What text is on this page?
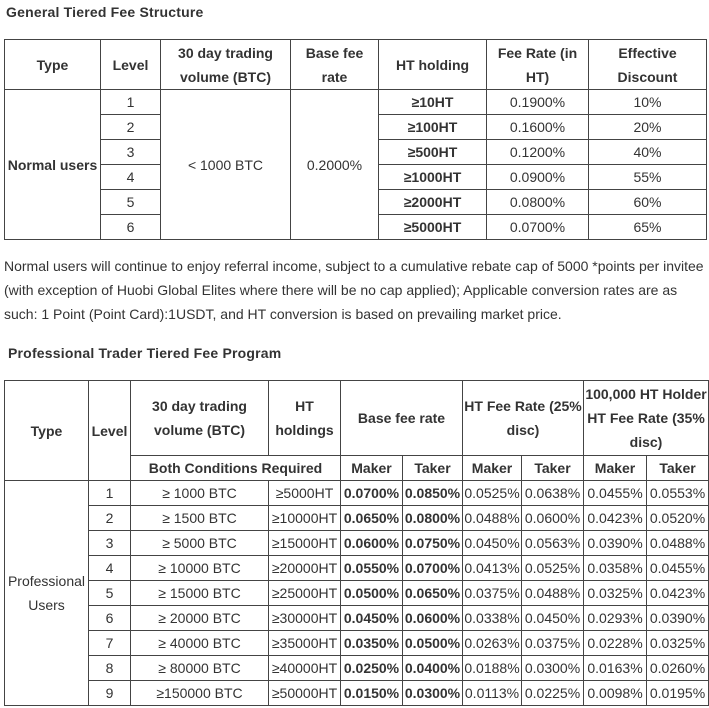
General Tiered Fee Structure
Type	Level	30 day trading volume (BTC)	Base fee rate	HT holding	Fee Rate (in HT)	Effective Discount
Normal users	1	< 1000 BTC	0.2000%	≥10HT	0.1900%	10%
	2			≥100HT	0.1600%	20%
	3			≥500HT	0.1200%	40%
	4			≥1000HT	0.0900%	55%
	5			≥2000HT	0.0800%	60%
	6			≥5000HT	0.0700%	65%
Normal users will continue to enjoy referral income, subject to a cumulative rebate cap of 5000 *points per invitee (with exception of Huobi Global Elites where there will be no cap applied); Applicable conversion rates are as such: 1 Point (Point Card):1USDT, and HT conversion is based on prevailing market price.
Professional Trader Tiered Fee Program
Type	Level	30 day trading volume (BTC)	HT holdings	Base fee rate		HT Fee Rate (25% disc)		100,000 HT Holder HT Fee Rate (35% disc)	
		Both Conditions Required		Maker	Taker	Maker	Taker	Maker	Taker
Professional Users	1	≥ 1000 BTC	≥5000HT	0.0700%	0.0850%	0.0525%	0.0638%	0.0455%	0.0553%
	2	≥ 1500 BTC	≥10000HT	0.0650%	0.0800%	0.0488%	0.0600%	0.0423%	0.0520%
	3	≥ 5000 BTC	≥15000HT	0.0600%	0.0750%	0.0450%	0.0563%	0.0390%	0.0488%
	4	≥ 10000 BTC	≥20000HT	0.0550%	0.0700%	0.0413%	0.0525%	0.0358%	0.0455%
	5	≥ 15000 BTC	≥25000HT	0.0500%	0.0650%	0.0375%	0.0488%	0.0325%	0.0423%
	6	≥ 20000 BTC	≥30000HT	0.0450%	0.0600%	0.0338%	0.0450%	0.0293%	0.0390%
	7	≥ 40000 BTC	≥35000HT	0.0350%	0.0500%	0.0263%	0.0375%	0.0228%	0.0325%
	8	≥ 80000 BTC	≥40000HT	0.0250%	0.0400%	0.0188%	0.0300%	0.0163%	0.0260%
	9	≥150000 BTC	≥50000HT	0.0150%	0.0300%	0.0113%	0.0225%	0.0098%	0.0195%
